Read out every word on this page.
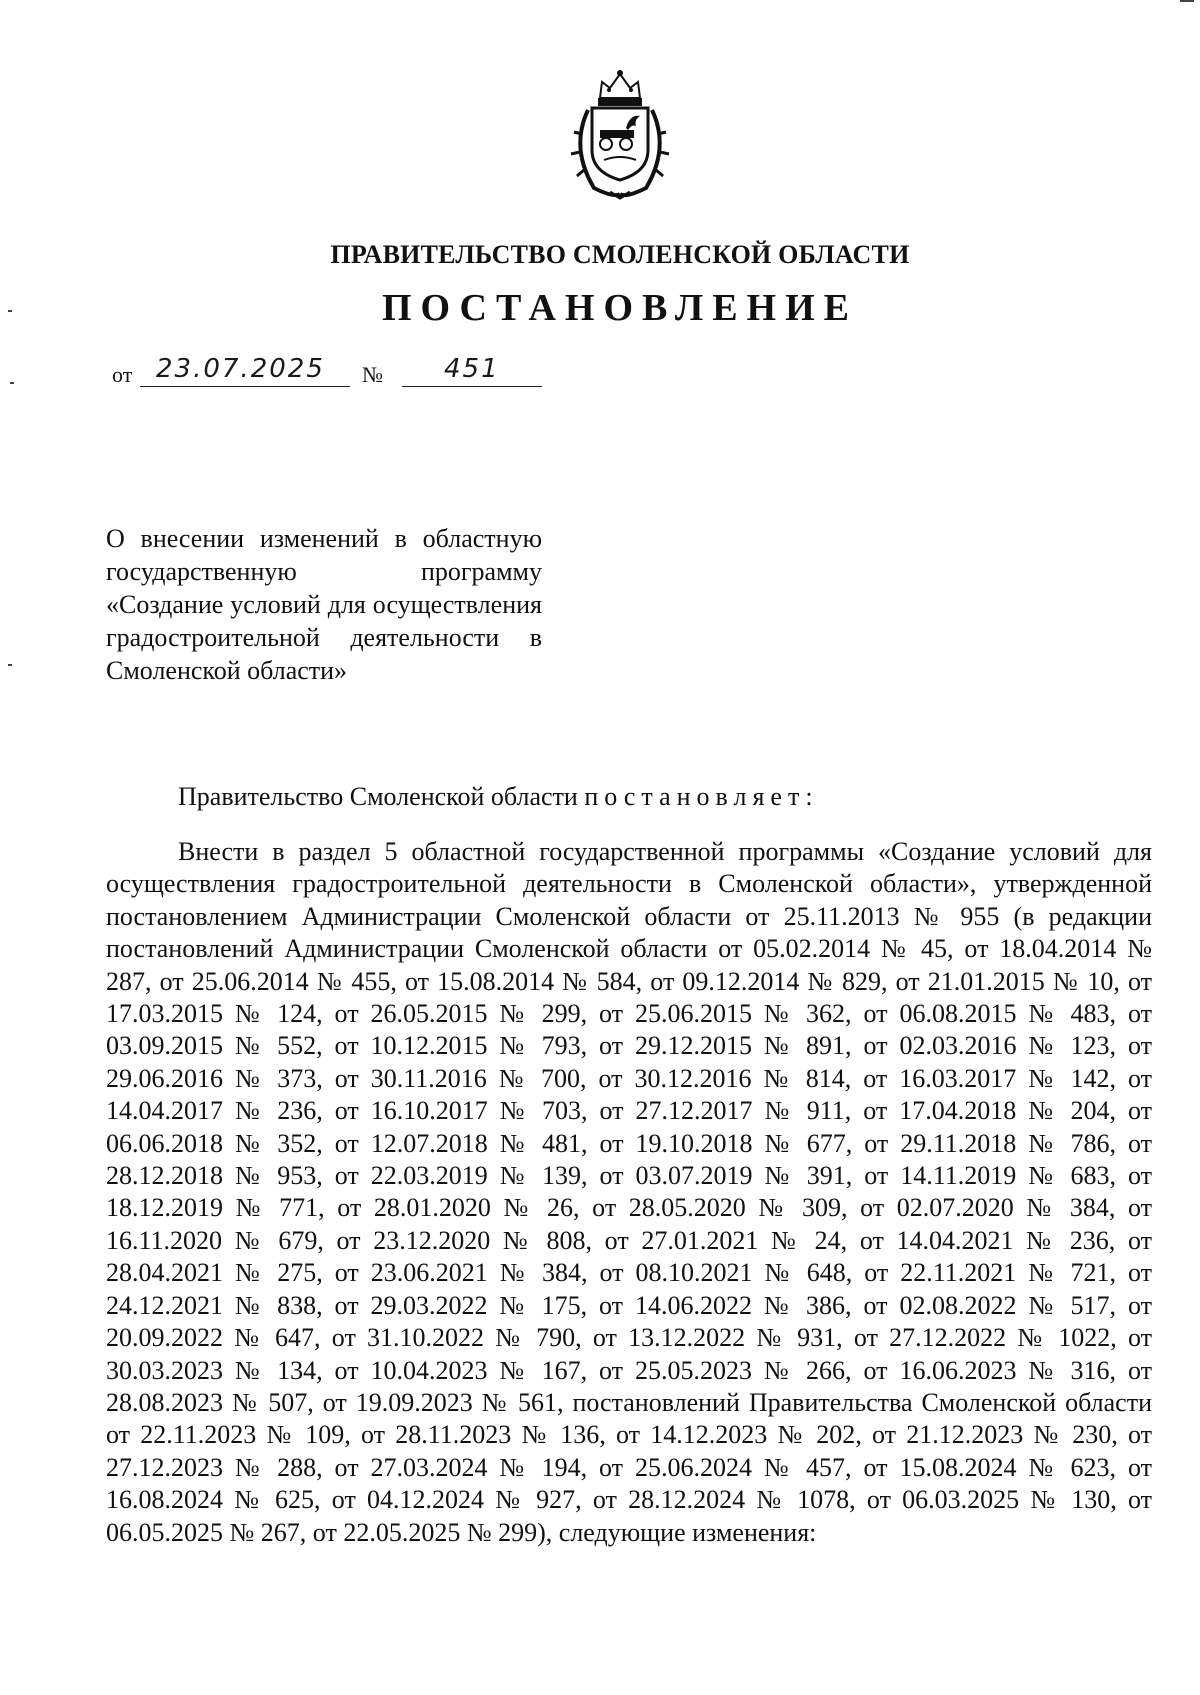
ПРАВИТЕЛЬСТВО СМОЛЕНСКОЙ ОБЛАСТИ
ПОСТАНОВЛЕНИЕ
от 23.07.2025	№	451
О внесении изменений в областную государственную программу «Создание условий для осуществления градостроительной деятельности в Смоленской области»
Правительство Смоленской области постановляет:

Внести в раздел 5 областной государственной программы «Создание условий для осуществления градостроительной деятельности в Смоленской области», утвержденной постановлением Администрации Смоленской области от 25.11.2013 № 955 (в редакции постановлений Администрации Смоленской области от 05.02.2014 № 45, от 18.04.2014 № 287, от 25.06.2014 № 455, от 15.08.2014 № 584, от 09.12.2014 № 829, от 21.01.2015 № 10, от 17.03.2015 № 124, от 26.05.2015 № 299, от 25.06.2015 № 362, от 06.08.2015 № 483, от 03.09.2015 № 552, от 10.12.2015 № 793, от 29.12.2015 № 891, от 02.03.2016 № 123, от 29.06.2016 № 373, от 30.11.2016 № 700, от 30.12.2016 № 814, от 16.03.2017 № 142, от 14.04.2017 № 236, от 16.10.2017 № 703, от 27.12.2017 № 911, от 17.04.2018 № 204, от 06.06.2018 № 352, от 12.07.2018 № 481, от 19.10.2018 № 677, от 29.11.2018 № 786, от 28.12.2018 № 953, от 22.03.2019 № 139, от 03.07.2019 № 391, от 14.11.2019 № 683, от 18.12.2019 № 771, от 28.01.2020 № 26, от 28.05.2020 № 309, от 02.07.2020 № 384, от 16.11.2020 № 679, от 23.12.2020 № 808, от 27.01.2021 № 24, от 14.04.2021 № 236, от 28.04.2021 № 275, от 23.06.2021 № 384, от 08.10.2021 № 648, от 22.11.2021 № 721, от 24.12.2021 № 838, от 29.03.2022 № 175, от 14.06.2022 № 386, от 02.08.2022 № 517, от 20.09.2022 № 647, от 31.10.2022 № 790, от 13.12.2022 № 931, от 27.12.2022 № 1022, от 30.03.2023 № 134, от 10.04.2023 № 167, от 25.05.2023 № 266, от 16.06.2023 № 316, от 28.08.2023 № 507, от 19.09.2023 № 561, постановлений Правительства Смоленской области от 22.11.2023 № 109, от 28.11.2023 № 136, от 14.12.2023 № 202, от 21.12.2023 № 230, от 27.12.2023 № 288, от 27.03.2024 № 194, от 25.06.2024 № 457, от 15.08.2024 № 623, от 16.08.2024 № 625, от 04.12.2024 № 927, от 28.12.2024 № 1078, от 06.03.2025 № 130, от 06.05.2025 № 267, от 22.05.2025 № 299), следующие изменения:
